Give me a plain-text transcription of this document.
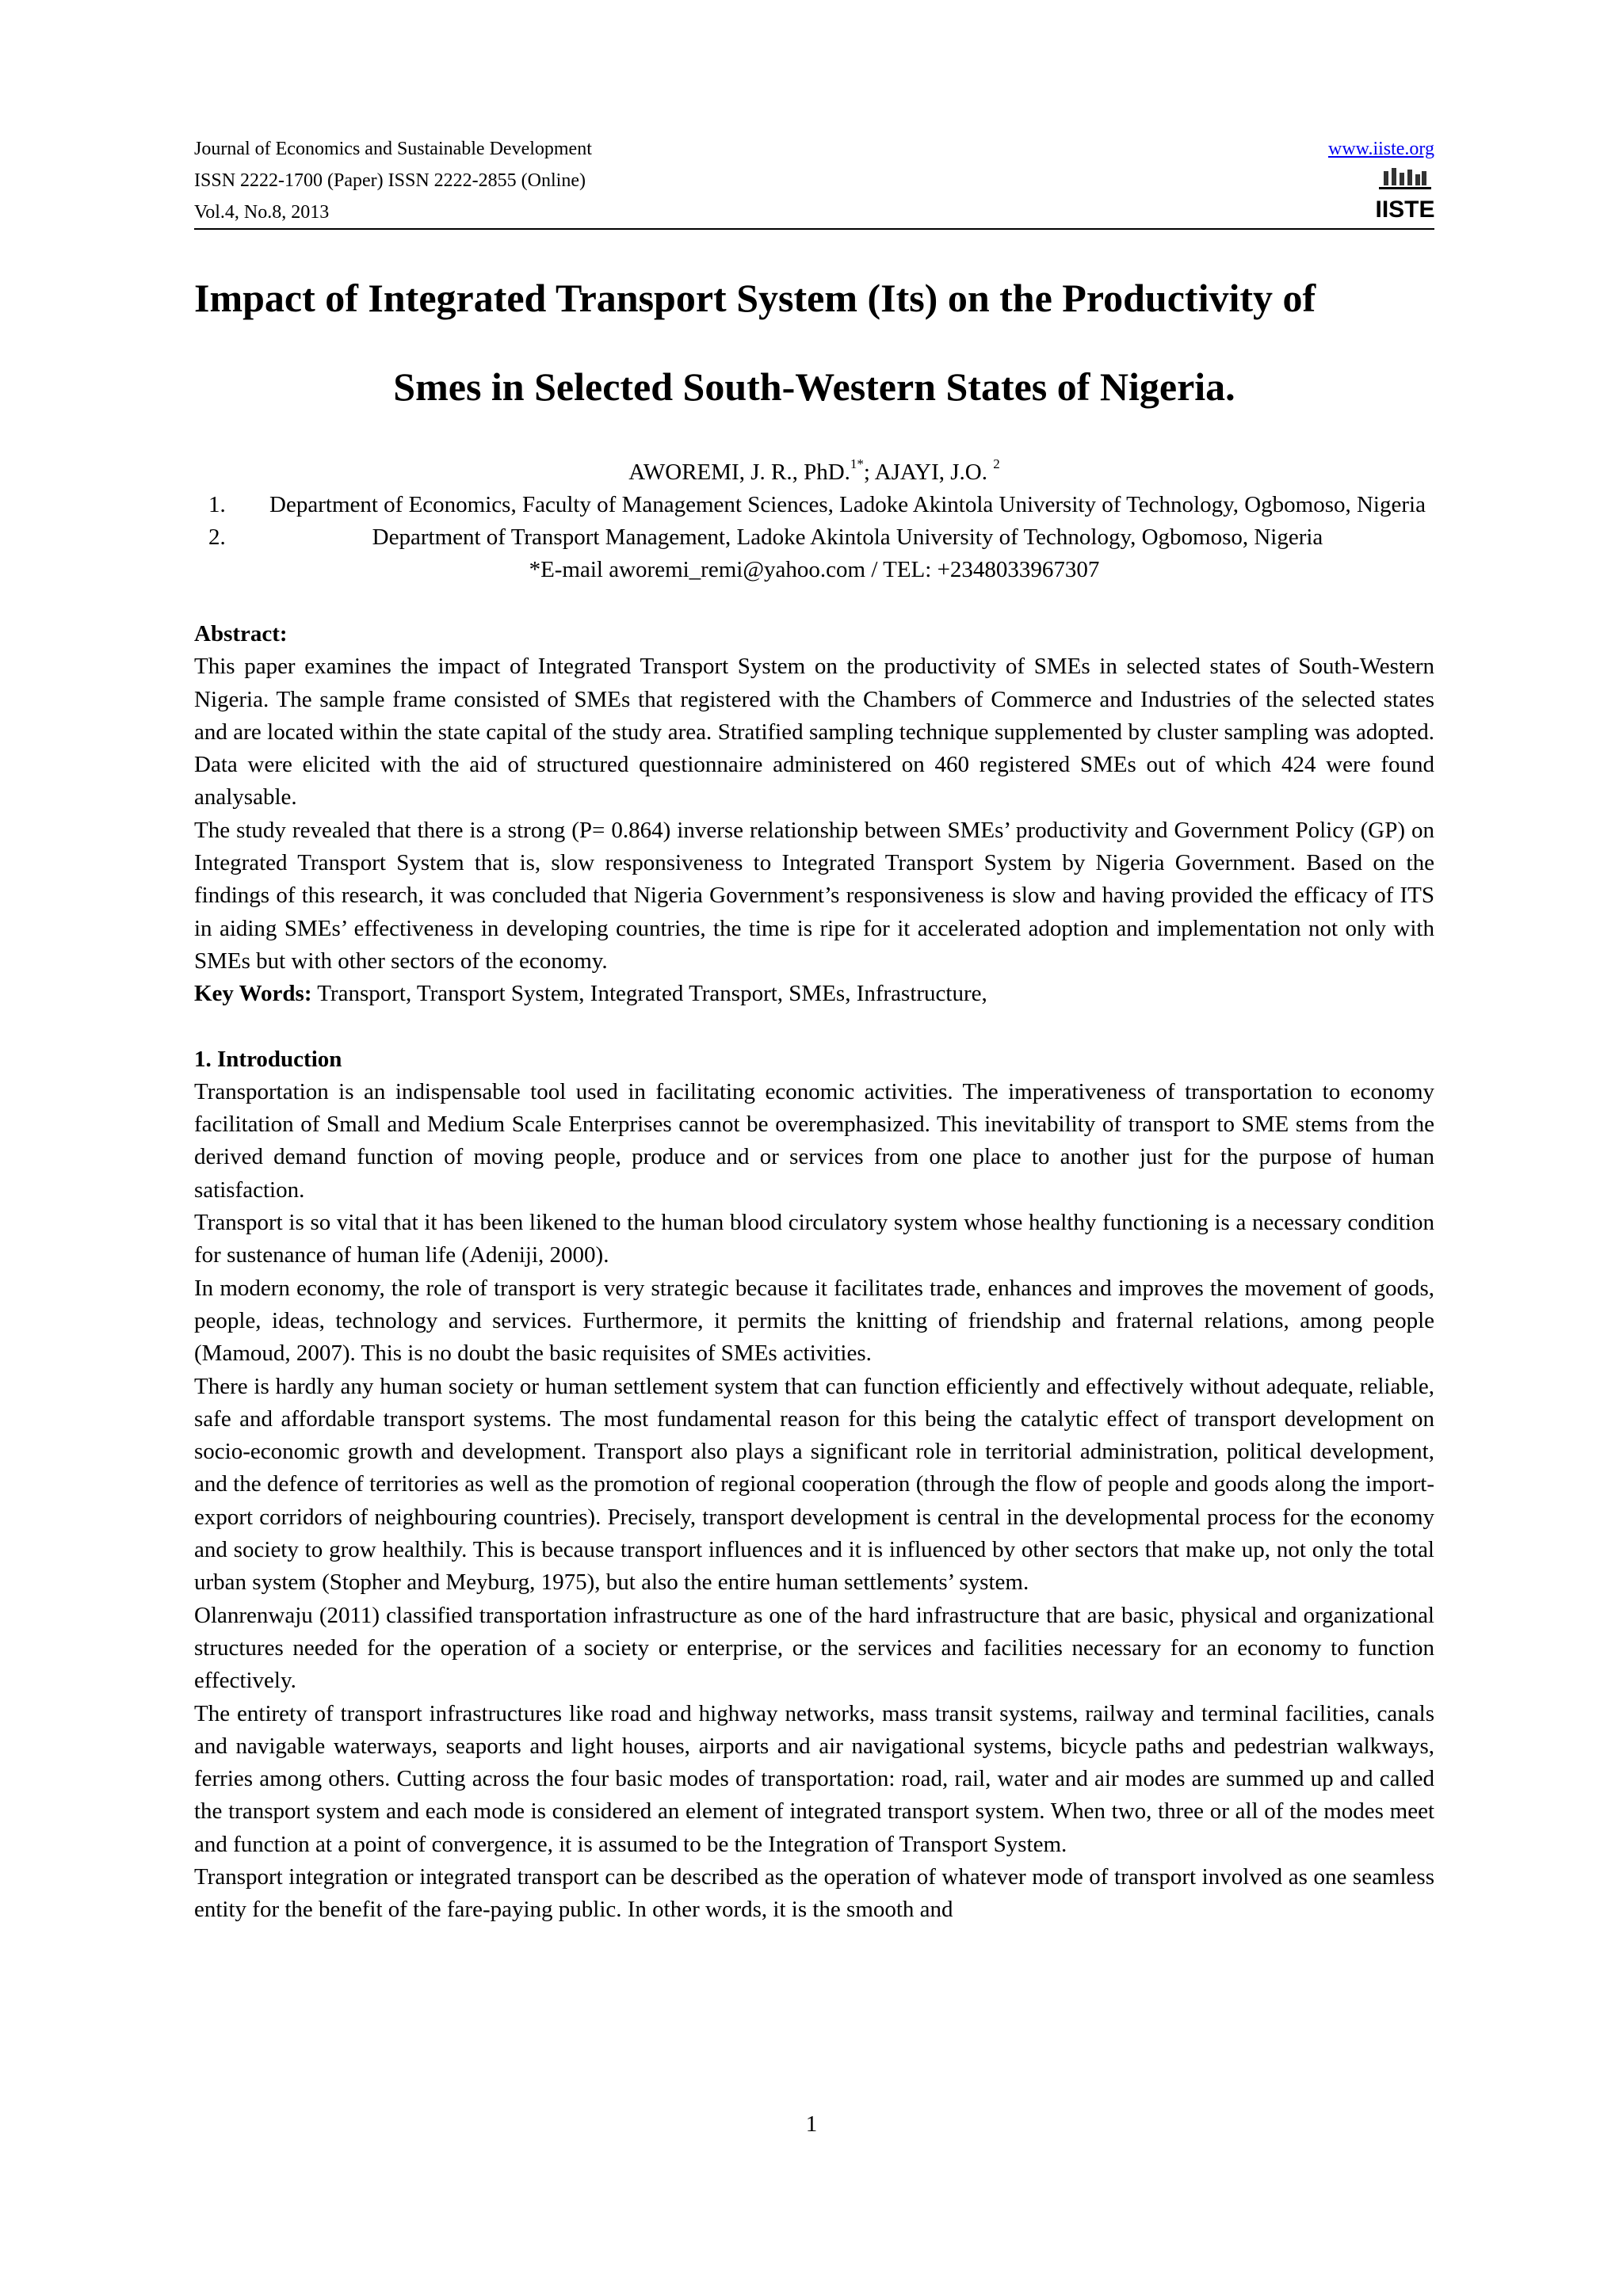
Journal of Economics and Sustainable Development
ISSN 2222-1700 (Paper) ISSN 2222-2855 (Online)
Vol.4, No.8, 2013
www.iiste.org
IISTE
Impact of Integrated Transport System (Its) on the Productivity of
Smes in Selected South-Western States of Nigeria.
AWOREMI, J. R., PhD.$^{1*}$; AJAYI, J.O. $^2$
1.	Department of Economics, Faculty of Management Sciences, Ladoke Akintola University of Technology, Ogbomoso, Nigeria
2.	Department of Transport Management, Ladoke Akintola University of Technology, Ogbomoso, Nigeria
*E-mail aworemi_remi@yahoo.com / TEL: +2348033967307

Abstract:

This paper examines the impact of Integrated Transport System on the productivity of SMEs in selected states of South-Western Nigeria. The sample frame consisted of SMEs that registered with the Chambers of Commerce and Industries of the selected states and are located within the state capital of the study area. Stratified sampling technique supplemented by cluster sampling was adopted. Data were elicited with the aid of structured questionnaire administered on 460 registered SMEs out of which 424 were found analysable.

The study revealed that there is a strong (P= 0.864) inverse relationship between SMEs’ productivity and Government Policy (GP) on Integrated Transport System that is, slow responsiveness to Integrated Transport System by Nigeria Government. Based on the findings of this research, it was concluded that Nigeria Government’s responsiveness is slow and having provided the efficacy of ITS in aiding SMEs’ effectiveness in developing countries, the time is ripe for it accelerated adoption and implementation not only with SMEs but with other sectors of the economy.

Key Words: Transport, Transport System, Integrated Transport, SMEs, Infrastructure,

1. Introduction

Transportation is an indispensable tool used in facilitating economic activities. The imperativeness of transportation to economy facilitation of Small and Medium Scale Enterprises cannot be overemphasized. This inevitability of transport to SME stems from the derived demand function of moving people, produce and or services from one place to another just for the purpose of human satisfaction.

Transport is so vital that it has been likened to the human blood circulatory system whose healthy functioning is a necessary condition for sustenance of human life (Adeniji, 2000).

In modern economy, the role of transport is very strategic because it facilitates trade, enhances and improves the movement of goods, people, ideas, technology and services. Furthermore, it permits the knitting of friendship and fraternal relations, among people (Mamoud, 2007). This is no doubt the basic requisites of SMEs activities.

There is hardly any human society or human settlement system that can function efficiently and effectively without adequate, reliable, safe and affordable transport systems. The most fundamental reason for this being the catalytic effect of transport development on socio-economic growth and development. Transport also plays a significant role in territorial administration, political development, and the defence of territories as well as the promotion of regional cooperation (through the flow of people and goods along the import-export corridors of neighbouring countries). Precisely, transport development is central in the developmental process for the economy and society to grow healthily. This is because transport influences and it is influenced by other sectors that make up, not only the total urban system (Stopher and Meyburg, 1975), but also the entire human settlements’ system.

Olanrenwaju (2011) classified transportation infrastructure as one of the hard infrastructure that are basic, physical and organizational structures needed for the operation of a society or enterprise, or the services and facilities necessary for an economy to function effectively.

The entirety of transport infrastructures like road and highway networks, mass transit systems, railway and terminal facilities, canals and navigable waterways, seaports and light houses, airports and air navigational systems, bicycle paths and pedestrian walkways, ferries among others. Cutting across the four basic modes of transportation: road, rail, water and air modes are summed up and called the transport system and each mode is considered an element of integrated transport system. When two, three or all of the modes meet and function at a point of convergence, it is assumed to be the Integration of Transport System.

Transport integration or integrated transport can be described as the operation of whatever mode of transport involved as one seamless entity for the benefit of the fare-paying public. In other words, it is the smooth and

1
